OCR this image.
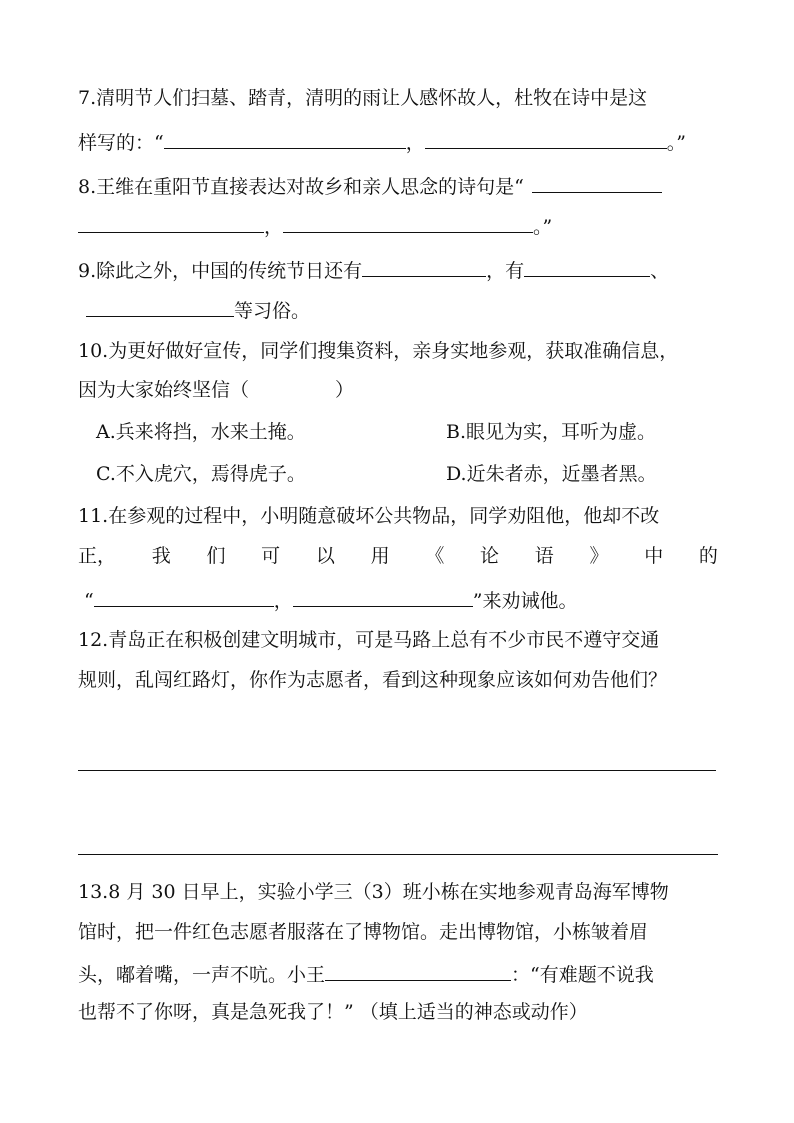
7.清明节人们扫墓、踏青，清明的雨让人感怀故人，杜牧在诗中是这
样写的：“	，	。”
8.王维在重阳节直接表达对故乡和亲人思念的诗句是“
，	。”
9.除此之外，中国的传统节日还有	，有	、
等习俗。
10.为更好做好宣传，同学们搜集资料，亲身实地参观，获取准确信息，
因为大家始终坚信（	）
A.兵来将挡，水来土掩。	B.眼见为实，耳听为虚。
C.不入虎穴，焉得虎子。	D.近朱者赤，近墨者黑。
11.在参观的过程中，小明随意破坏公共物品，同学劝阻他，他却不改
正， 我 们 可 以 用 《 论 语 》 中 的
“	，	”来劝诫他。
12.青岛正在积极创建文明城市，可是马路上总有不少市民不遵守交通
规则，乱闯红路灯，你作为志愿者，看到这种现象应该如何劝告他们？
13.8 月 30 日早上，实验小学三（3）班小栋在实地参观青岛海军博物
馆时，把一件红色志愿者服落在了博物馆。走出博物馆，小栋皱着眉
头，嘟着嘴，一声不吭。小王	：“有难题不说我
也帮不了你呀，真是急死我了！” （填上适当的神态或动作）
